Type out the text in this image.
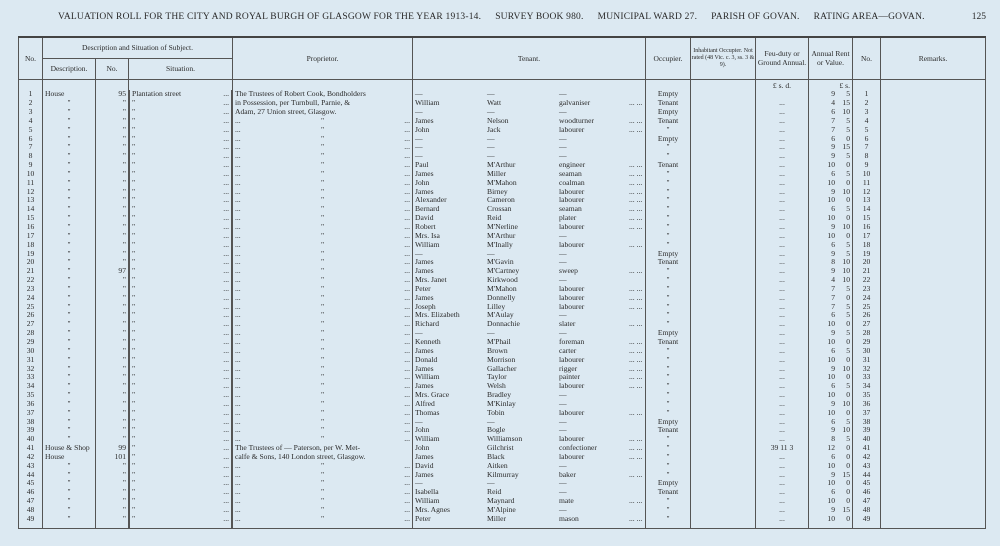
VALUATION ROLL FOR THE CITY AND ROYAL BURGH OF GLASGOW FOR THE YEAR 1913-14. SURVEY BOOK 980. MUNICIPAL WARD 27. PARISH OF GOVAN. RATING AREA—GOVAN.	125
No.	Description and Situation of Subject.			Proprietor.	Tenant.	Occupier.	Inhabitant Occupier. Not rated (48 Vic. c. 3, ss. 3 & 9).	Feu-duty or Ground Annual.	Annual Rent or Value.	No.	Remarks.
	Description.	No.	Situation.								
								£ s. d.	£ s.		
1	House	95	Plantation street	... The Trustees of Robert Cook, Bondholders	— — —	Empty			9 5	1	
2	"	"	"	... in Possession, per Turnbull, Parnie, &	William Watt galvaniser ... ...	Tenant		...	4 15	2	
3	"	"	"	... Adam, 27 Union street, Glasgow.	— — —	Empty		...	6 10	3	
4	"	"	"	... ... " ...	James Nelson woodturner ... ...	Tenant		...	7 5	4	
5	"	"	"	... ... " ...	John Jack labourer ... ...	"		...	7 5	5	
6	"	"	"	... ... " ...	— — —	Empty		...	6 0	6	
7	"	"	"	... ... " ...	— — —	"		...	9 15	7	
8	"	"	"	... ... " ...	— — —	"		...	9 5	8	
9	"	"	"	... ... " ...	Paul M'Arthur engineer ... ...	Tenant		...	10 0	9	
10	"	"	"	... ... " ...	James Miller seaman ... ...	"		...	6 5	10	
11	"	"	"	... ... " ...	John M'Mahon coalman ... ...	"		...	10 0	11	
12	"	"	"	... ... " ...	James Birney labourer ... ...	"		...	9 10	12	
13	"	"	"	... ... " ...	Alexander Cameron labourer ... ...	"		...	10 0	13	
14	"	"	"	... ... " ...	Bernard Crossan seaman ... ...	"		...	6 5	14	
15	"	"	"	... ... " ...	David Reid plater ... ...	"		...	10 0	15	
16	"	"	"	... ... " ...	Robert M'Nerline labourer ... ...	"		...	9 10	16	
17	"	"	"	... ... " ...	Mrs. Isa M'Arthur —	"		...	10 0	17	
18	"	"	"	... ... " ...	William M'Inally labourer ... ...	"		...	6 5	18	
19	"	"	"	... ... " ...	— — —	Empty		...	9 5	19	
20	"	"	"	... ... " ...	James M'Gavin —	Tenant		...	8 10	20	
21	"	97	"	... ... " ...	James M'Cartney sweep ... ...	"		...	9 10	21	
22	"	"	"	... ... " ...	Mrs. Janet Kirkwood —	"		...	4 10	22	
23	"	"	"	... ... " ...	Peter M'Mahon labourer ... ...	"		...	7 5	23	
24	"	"	"	... ... " ...	James Donnelly labourer ... ...	"		...	7 0	24	
25	"	"	"	... ... " ...	Joseph Lilley labourer ... ...	"		...	7 5	25	
26	"	"	"	... ... " ...	Mrs. Elizabeth M'Aulay —	"		...	6 5	26	
27	"	"	"	... ... " ...	Richard Donnachie slater ... ...	"		...	10 0	27	
28	"	"	"	... ... " ...	— — —	Empty		...	9 5	28	
29	"	"	"	... ... " ...	Kenneth M'Phail foreman ... ...	Tenant		...	10 0	29	
30	"	"	"	... ... " ...	James Brown carter ... ...	"		...	6 5	30	
31	"	"	"	... ... " ...	Donald Morrison labourer ... ...	"		...	10 0	31	
32	"	"	"	... ... " ...	James Gallacher rigger ... ...	"		...	9 10	32	
33	"	"	"	... ... " ...	William Taylor painter ... ...	"		...	10 0	33	
34	"	"	"	... ... " ...	James Welsh labourer ... ...	"		...	6 5	34	
35	"	"	"	... ... " ...	Mrs. Grace Bradley —	"		...	10 0	35	
36	"	"	"	... ... " ...	Alfred M'Kinlay —	"		...	9 10	36	
37	"	"	"	... ... " ...	Thomas Tobin labourer ... ...	"		...	10 0	37	
38	"	"	"	... ... " ...	— — —	Empty		...	6 5	38	
39	"	"	"	... ... " ...	John Bogle —	Tenant		...	9 10	39	
40	"	"	"	... ... " ...	William Williamson labourer ... ...	"		...	8 5	40	
41	House & Shop	99	"	... The Trustees of — Paterson, per W. Met-	John Gilchrist confectioner ... ...	"		39 11 3	12 0	41	
42	House	101	"	... calfe & Sons, 140 London street, Glasgow.	James Black labourer ... ...	"		...	6 0	42	
43	"	"	"	... ... " ...	David Aitken —	"		...	10 0	43	
44	"	"	"	... ... " ...	James Kilmurray baker ... ...	"		...	9 15	44	
45	"	"	"	... ... " ...	— — —	Empty		...	10 0	45	
46	"	"	"	... ... " ...	Isabella Reid —	Tenant		...	6 0	46	
47	"	"	"	... ... " ...	William Maynard mate ... ...	"		...	10 0	47	
48	"	"	"	... ... " ...	Mrs. Agnes M'Alpine —	"		...	9 15	48	
49	"	"	"	... ... " ...	Peter Miller mason ... ...	"		...	10 0	49	
